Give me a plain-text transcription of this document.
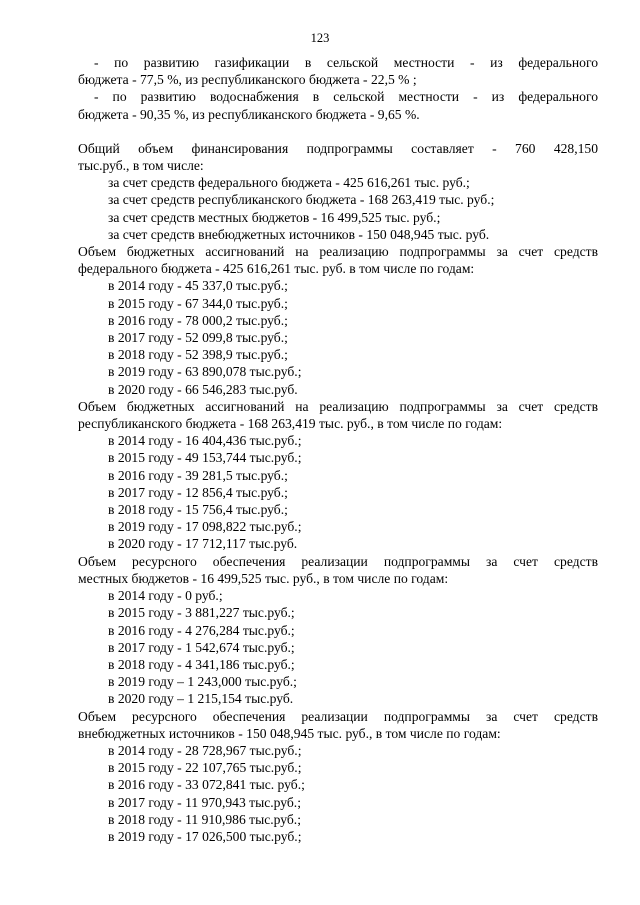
123
- по развитию газификации в сельской местности - из федерального
бюджета - 77,5 %, из республиканского бюджета - 22,5 % ;
- по развитию водоснабжения в сельской местности - из федерального
бюджета - 90,35 %, из республиканского бюджета - 9,65 %.
Общий объем финансирования подпрограммы составляет - 760 428,150
тыс.руб., в том числе:
за счет средств федерального бюджета - 425 616,261 тыс. руб.;
за счет средств республиканского бюджета - 168 263,419 тыс. руб.;
за счет средств местных бюджетов - 16 499,525 тыс. руб.;
за счет средств внебюджетных источников - 150 048,945 тыс. руб.
Объем бюджетных ассигнований на реализацию подпрограммы за счет средств
федерального бюджета - 425 616,261 тыс. руб. в том числе по годам:
в 2014 году - 45 337,0 тыс.руб.;
в 2015 году - 67 344,0 тыс.руб.;
в 2016 году - 78 000,2 тыс.руб.;
в 2017 году - 52 099,8 тыс.руб.;
в 2018 году - 52 398,9 тыс.руб.;
в 2019 году - 63 890,078 тыс.руб.;
в 2020 году - 66 546,283 тыс.руб.
Объем бюджетных ассигнований на реализацию подпрограммы за счет средств
республиканского бюджета - 168 263,419 тыс. руб., в том числе по годам:
в 2014 году - 16 404,436 тыс.руб.;
в 2015 году - 49 153,744 тыс.руб.;
в 2016 году - 39 281,5 тыс.руб.;
в 2017 году - 12 856,4 тыс.руб.;
в 2018 году - 15 756,4 тыс.руб.;
в 2019 году - 17 098,822 тыс.руб.;
в 2020 году - 17 712,117 тыс.руб.
Объем ресурсного обеспечения реализации подпрограммы за счет средств
местных бюджетов - 16 499,525 тыс. руб., в том числе по годам:
в 2014 году - 0 руб.;
в 2015 году - 3 881,227 тыс.руб.;
в 2016 году - 4 276,284 тыс.руб.;
в 2017 году - 1 542,674 тыс.руб.;
в 2018 году - 4 341,186 тыс.руб.;
в 2019 году – 1 243,000 тыс.руб.;
в 2020 году – 1 215,154 тыс.руб.
Объем ресурсного обеспечения реализации подпрограммы за счет средств
внебюджетных источников - 150 048,945 тыс. руб., в том числе по годам:
в 2014 году - 28 728,967 тыс.руб.;
в 2015 году - 22 107,765 тыс.руб.;
в 2016 году - 33 072,841 тыс. руб.;
в 2017 году - 11 970,943 тыс.руб.;
в 2018 году - 11 910,986 тыс.руб.;
в 2019 году - 17 026,500 тыс.руб.;
